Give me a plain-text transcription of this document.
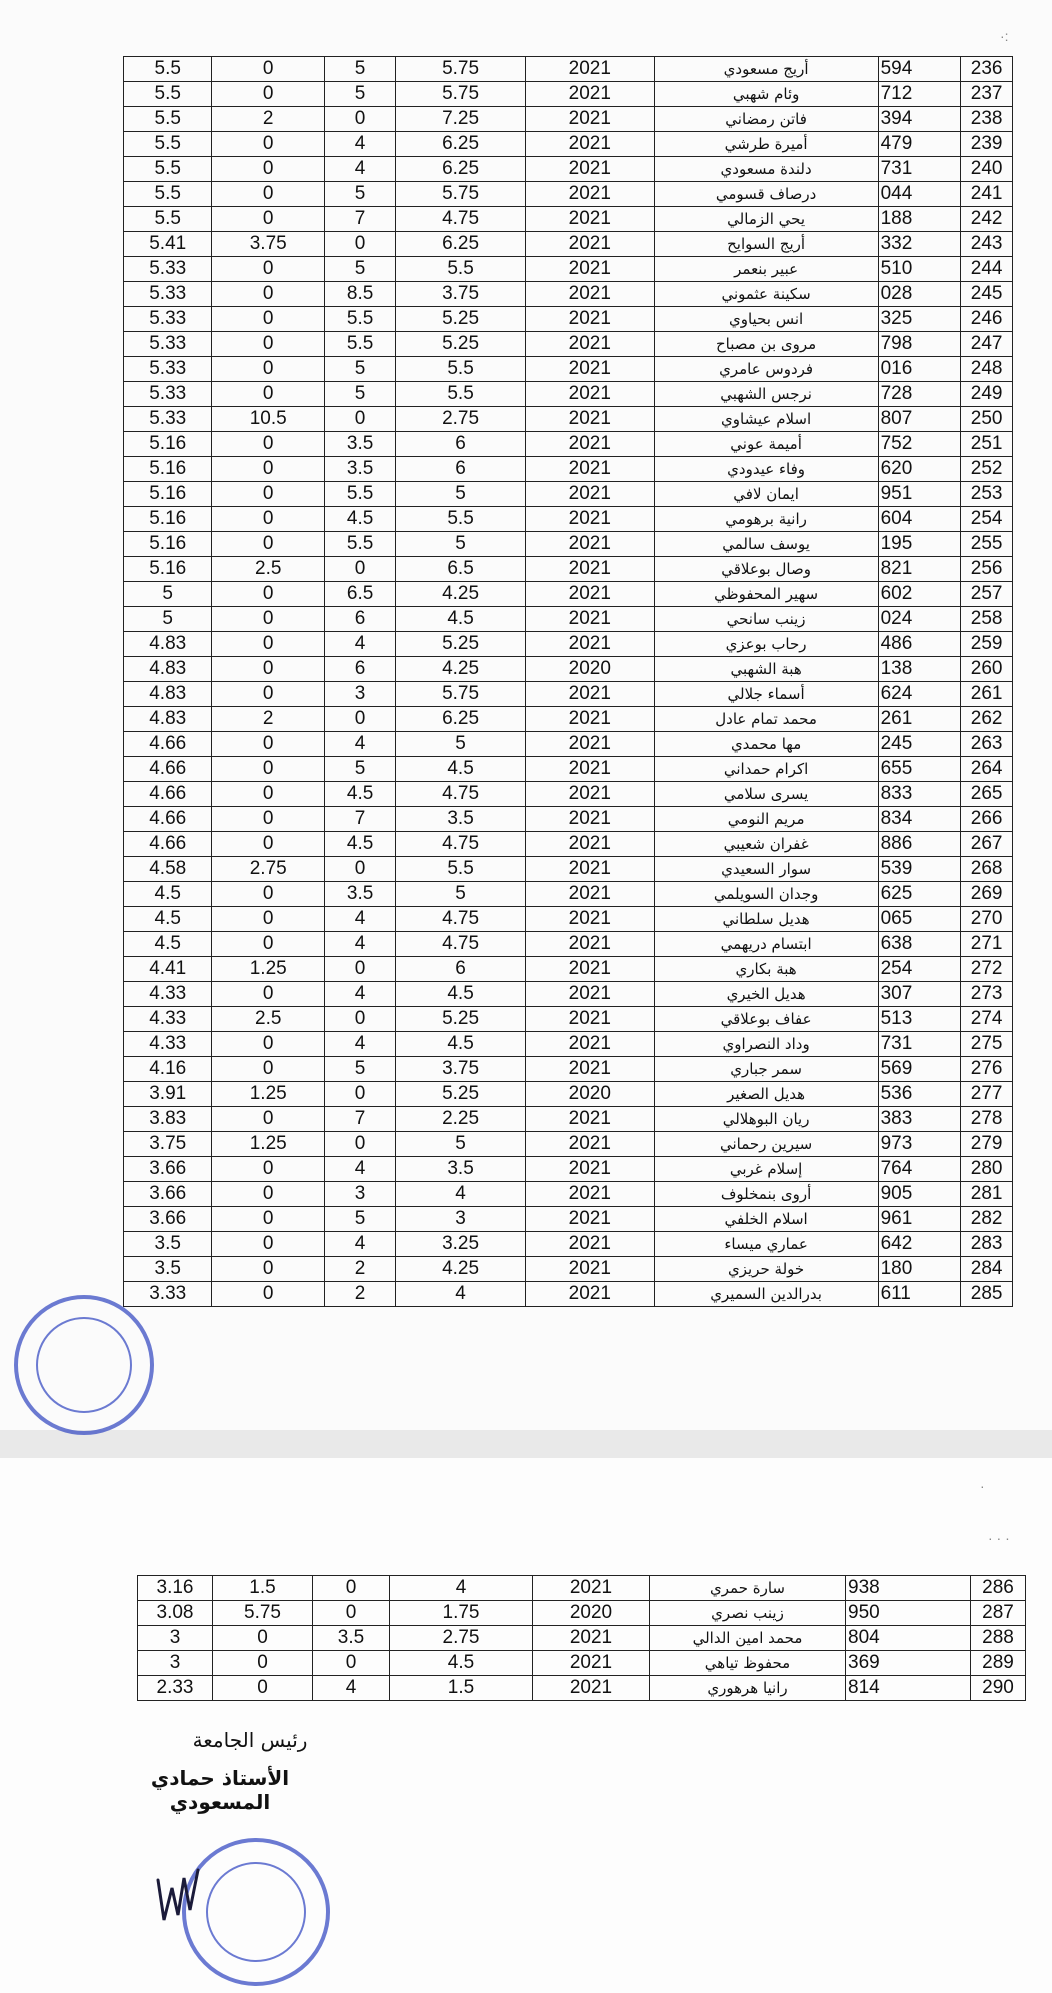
·:
·
· · ·
5.5	0	5	5.75	2021	أريج مسعودي	594	236
5.5	0	5	5.75	2021	وئام شهبي	712	237
5.5	2	0	7.25	2021	فاتن رمضاني	394	238
5.5	0	4	6.25	2021	أميرة طرشي	479	239
5.5	0	4	6.25	2021	دلندة مسعودي	731	240
5.5	0	5	5.75	2021	درصاف قسومي	044	241
5.5	0	7	4.75	2021	يحي الزمالي	188	242
5.41	3.75	0	6.25	2021	أريج السوايح	332	243
5.33	0	5	5.5	2021	عبير بنعمر	510	244
5.33	0	8.5	3.75	2021	سكينة عثموني	028	245
5.33	0	5.5	5.25	2021	انس بحياوي	325	246
5.33	0	5.5	5.25	2021	مروى بن مصباح	798	247
5.33	0	5	5.5	2021	فردوس عامري	016	248
5.33	0	5	5.5	2021	نرجس الشهبي	728	249
5.33	10.5	0	2.75	2021	اسلام عيشاوي	807	250
5.16	0	3.5	6	2021	أميمة عوني	752	251
5.16	0	3.5	6	2021	وفاء عيدودي	620	252
5.16	0	5.5	5	2021	ايمان لافي	951	253
5.16	0	4.5	5.5	2021	رانية برهومي	604	254
5.16	0	5.5	5	2021	يوسف سالمي	195	255
5.16	2.5	0	6.5	2021	وصال بوعلاقي	821	256
5	0	6.5	4.25	2021	سهير المحفوظي	602	257
5	0	6	4.5	2021	زينب سانحي	024	258
4.83	0	4	5.25	2021	رحاب بوعزي	486	259
4.83	0	6	4.25	2020	هبة الشهبي	138	260
4.83	0	3	5.75	2021	أسماء جلالي	624	261
4.83	2	0	6.25	2021	محمد تمام عادل	261	262
4.66	0	4	5	2021	مها محمدي	245	263
4.66	0	5	4.5	2021	اكرام حمداني	655	264
4.66	0	4.5	4.75	2021	يسرى سلامي	833	265
4.66	0	7	3.5	2021	مريم النومي	834	266
4.66	0	4.5	4.75	2021	غفران شعيبي	886	267
4.58	2.75	0	5.5	2021	سوار السعيدي	539	268
4.5	0	3.5	5	2021	وجدان السويلمي	625	269
4.5	0	4	4.75	2021	هديل سلطاني	065	270
4.5	0	4	4.75	2021	ابتسام دريهمي	638	271
4.41	1.25	0	6	2021	هبة بكاري	254	272
4.33	0	4	4.5	2021	هديل الخيري	307	273
4.33	2.5	0	5.25	2021	عفاف بوعلاقي	513	274
4.33	0	4	4.5	2021	وداد النصراوي	731	275
4.16	0	5	3.75	2021	سمر جباري	569	276
3.91	1.25	0	5.25	2020	هديل الصغير	536	277
3.83	0	7	2.25	2021	ريان البوهلالي	383	278
3.75	1.25	0	5	2021	سيرين رحماني	973	279
3.66	0	4	3.5	2021	إسلام غربي	764	280
3.66	0	3	4	2021	أروى بنمخلوف	905	281
3.66	0	5	3	2021	اسلام الخلفي	961	282
3.5	0	4	3.25	2021	عماري ميساء	642	283
3.5	0	2	4.25	2021	خولة حريزي	180	284
3.33	0	2	4	2021	بدرالدين السميري	611	285
3.16	1.5	0	4	2021	سارة حمري	938	286
3.08	5.75	0	1.75	2020	زينب نصري	950	287
3	0	3.5	2.75	2021	محمد امين الدالي	804	288
3	0	0	4.5	2021	محفوظ تياهي	369	289
2.33	0	4	1.5	2021	رانيا هرهوري	814	290
رئيس الجامعة
الأستاذ حمادي المسعودي
